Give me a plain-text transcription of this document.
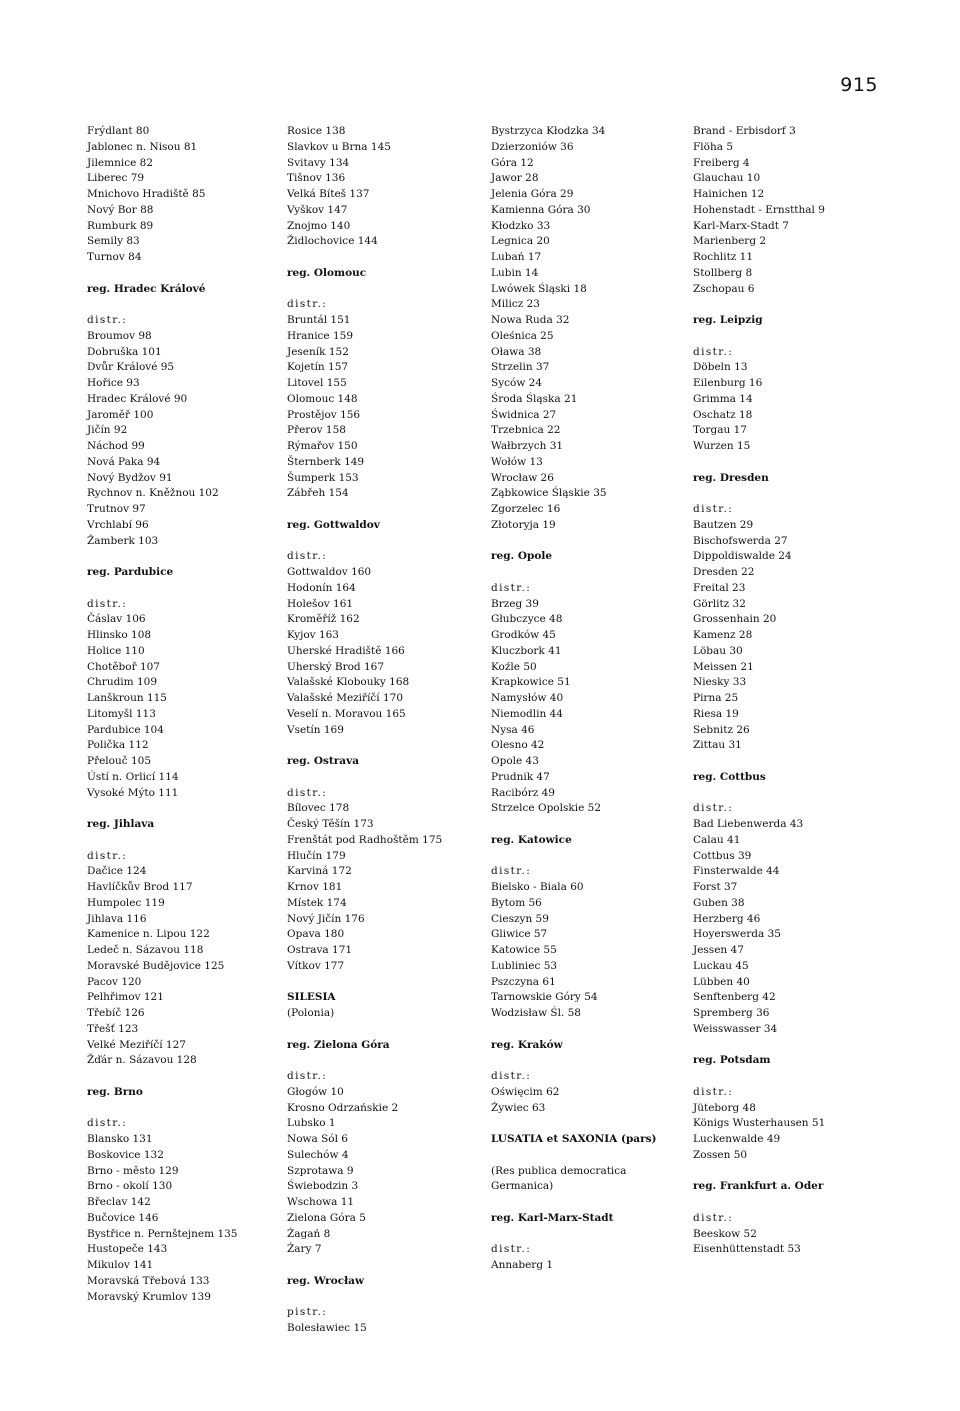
915
Frýdlant 80
Jablonec n. Nisou 81
Jilemnice 82
Liberec 79
Mnichovo Hradiště 85
Nový Bor 88
Rumburk 89
Semily 83
Turnov 84
reg. Hradec Králové
distr.:
Broumov 98
Dobruška 101
Dvůr Králové 95
Hořice 93
Hradec Králové 90
Jaroměř 100
Jičín 92
Náchod 99
Nová Paka 94
Nový Bydžov 91
Rychnov n. Kněžnou 102
Trutnov 97
Vrchlabí 96
Žamberk 103
reg. Pardubice
distr.:
Čáslav 106
Hlinsko 108
Holice 110
Chotěboř 107
Chrudim 109
Lanškroun 115
Litomyšl 113
Pardubice 104
Polička 112
Přelouč 105
Ústí n. Orlicí 114
Vysoké Mýto 111
reg. Jihlava
distr.:
Dačice 124
Havlíčkův Brod 117
Humpolec 119
Jihlava 116
Kamenice n. Lipou 122
Ledeč n. Sázavou 118
Moravské Budějovice 125
Pacov 120
Pelhřimov 121
Třebíč 126
Třešť 123
Velké Meziříčí 127
Žďár n. Sázavou 128
reg. Brno
distr.:
Blansko 131
Boskovice 132
Brno - město 129
Brno - okolí 130
Břeclav 142
Bučovice 146
Bystřice n. Pernštejnem 135
Hustopeče 143
Mikulov 141
Moravská Třebová 133
Moravský Krumlov 139
Rosice 138
Slavkov u Brna 145
Svitavy 134
Tišnov 136
Velká Bíteš 137
Vyškov 147
Znojmo 140
Židlochovice 144
reg. Olomouc
distr.:
Bruntál 151
Hranice 159
Jeseník 152
Kojetín 157
Litovel 155
Olomouc 148
Prostějov 156
Přerov 158
Rýmařov 150
Šternberk 149
Šumperk 153
Zábřeh 154
reg. Gottwaldov
distr.:
Gottwaldov 160
Hodonín 164
Holešov 161
Kroměříž 162
Kyjov 163
Uherské Hradiště 166
Uherský Brod 167
Valašské Klobouky 168
Valašské Meziříčí 170
Veselí n. Moravou 165
Vsetín 169
reg. Ostrava
distr.:
Bílovec 178
Český Těšín 173
Frenštát pod Radhoštěm 175
Hlučín 179
Karviná 172
Krnov 181
Místek 174
Nový Jičín 176
Opava 180
Ostrava 171
Vítkov 177
SILESIA
(Polonia)
reg. Zielona Góra
distr.:
Głogów 10
Krosno Odrzańskie 2
Lubsko 1
Nowa Sól 6
Sulechów 4
Szprotawa 9
Świebodzin 3
Wschowa 11
Zielona Góra 5
Żagań 8
Żary 7
reg. Wrocław
pistr.:
Bolesławiec 15
Bystrzyca Kłodzka 34
Dzierzoniów 36
Góra 12
Jawor 28
Jelenia Góra 29
Kamienna Góra 30
Kłodzko 33
Legnica 20
Lubań 17
Lubin 14
Lwówek Śląski 18
Milicz 23
Nowa Ruda 32
Oleśnica 25
Oława 38
Strzelin 37
Syców 24
Środa Śląska 21
Świdnica 27
Trzebnica 22
Wałbrzych 31
Wołów 13
Wrocław 26
Ząbkowice Śląskie 35
Zgorzelec 16
Złotoryja 19
reg. Opole
distr.:
Brzeg 39
Głubczyce 48
Grodków 45
Kluczbork 41
Koźle 50
Krapkowice 51
Namysłów 40
Niemodlin 44
Nysa 46
Olesno 42
Opole 43
Prudnik 47
Racibórz 49
Strzelce Opolskie 52
reg. Katowice
distr.:
Bielsko - Biala 60
Bytom 56
Cieszyn 59
Gliwice 57
Katowice 55
Lubliniec 53
Pszczyna 61
Tarnowskie Góry 54
Wodzisław Śl. 58
reg. Kraków
distr.:
Oświęcim 62
Żywiec 63
LUSATIA et SAXONIA (pars)
(Res publica democratica
Germanica)
reg. Karl-Marx-Stadt
distr.:
Annaberg 1
Brand - Erbisdorf 3
Flöha 5
Freiberg 4
Glauchau 10
Hainichen 12
Hohenstadt - Ernstthal 9
Karl-Marx-Stadt 7
Marienberg 2
Rochlitz 11
Stollberg 8
Zschopau 6
reg. Leipzig
distr.:
Döbeln 13
Eilenburg 16
Grimma 14
Oschatz 18
Torgau 17
Wurzen 15
reg. Dresden
distr.:
Bautzen 29
Bischofswerda 27
Dippoldiswalde 24
Dresden 22
Freital 23
Görlitz 32
Grossenhain 20
Kamenz 28
Löbau 30
Meissen 21
Niesky 33
Pirna 25
Riesa 19
Sebnitz 26
Zittau 31
reg. Cottbus
distr.:
Bad Liebenwerda 43
Calau 41
Cottbus 39
Finsterwalde 44
Forst 37
Guben 38
Herzberg 46
Hoyerswerda 35
Jessen 47
Luckau 45
Lübben 40
Senftenberg 42
Spremberg 36
Weisswasser 34
reg. Potsdam
distr.:
Jüteborg 48
Königs Wusterhausen 51
Luckenwalde 49
Zossen 50
reg. Frankfurt a. Oder
distr.:
Beeskow 52
Eisenhüttenstadt 53
